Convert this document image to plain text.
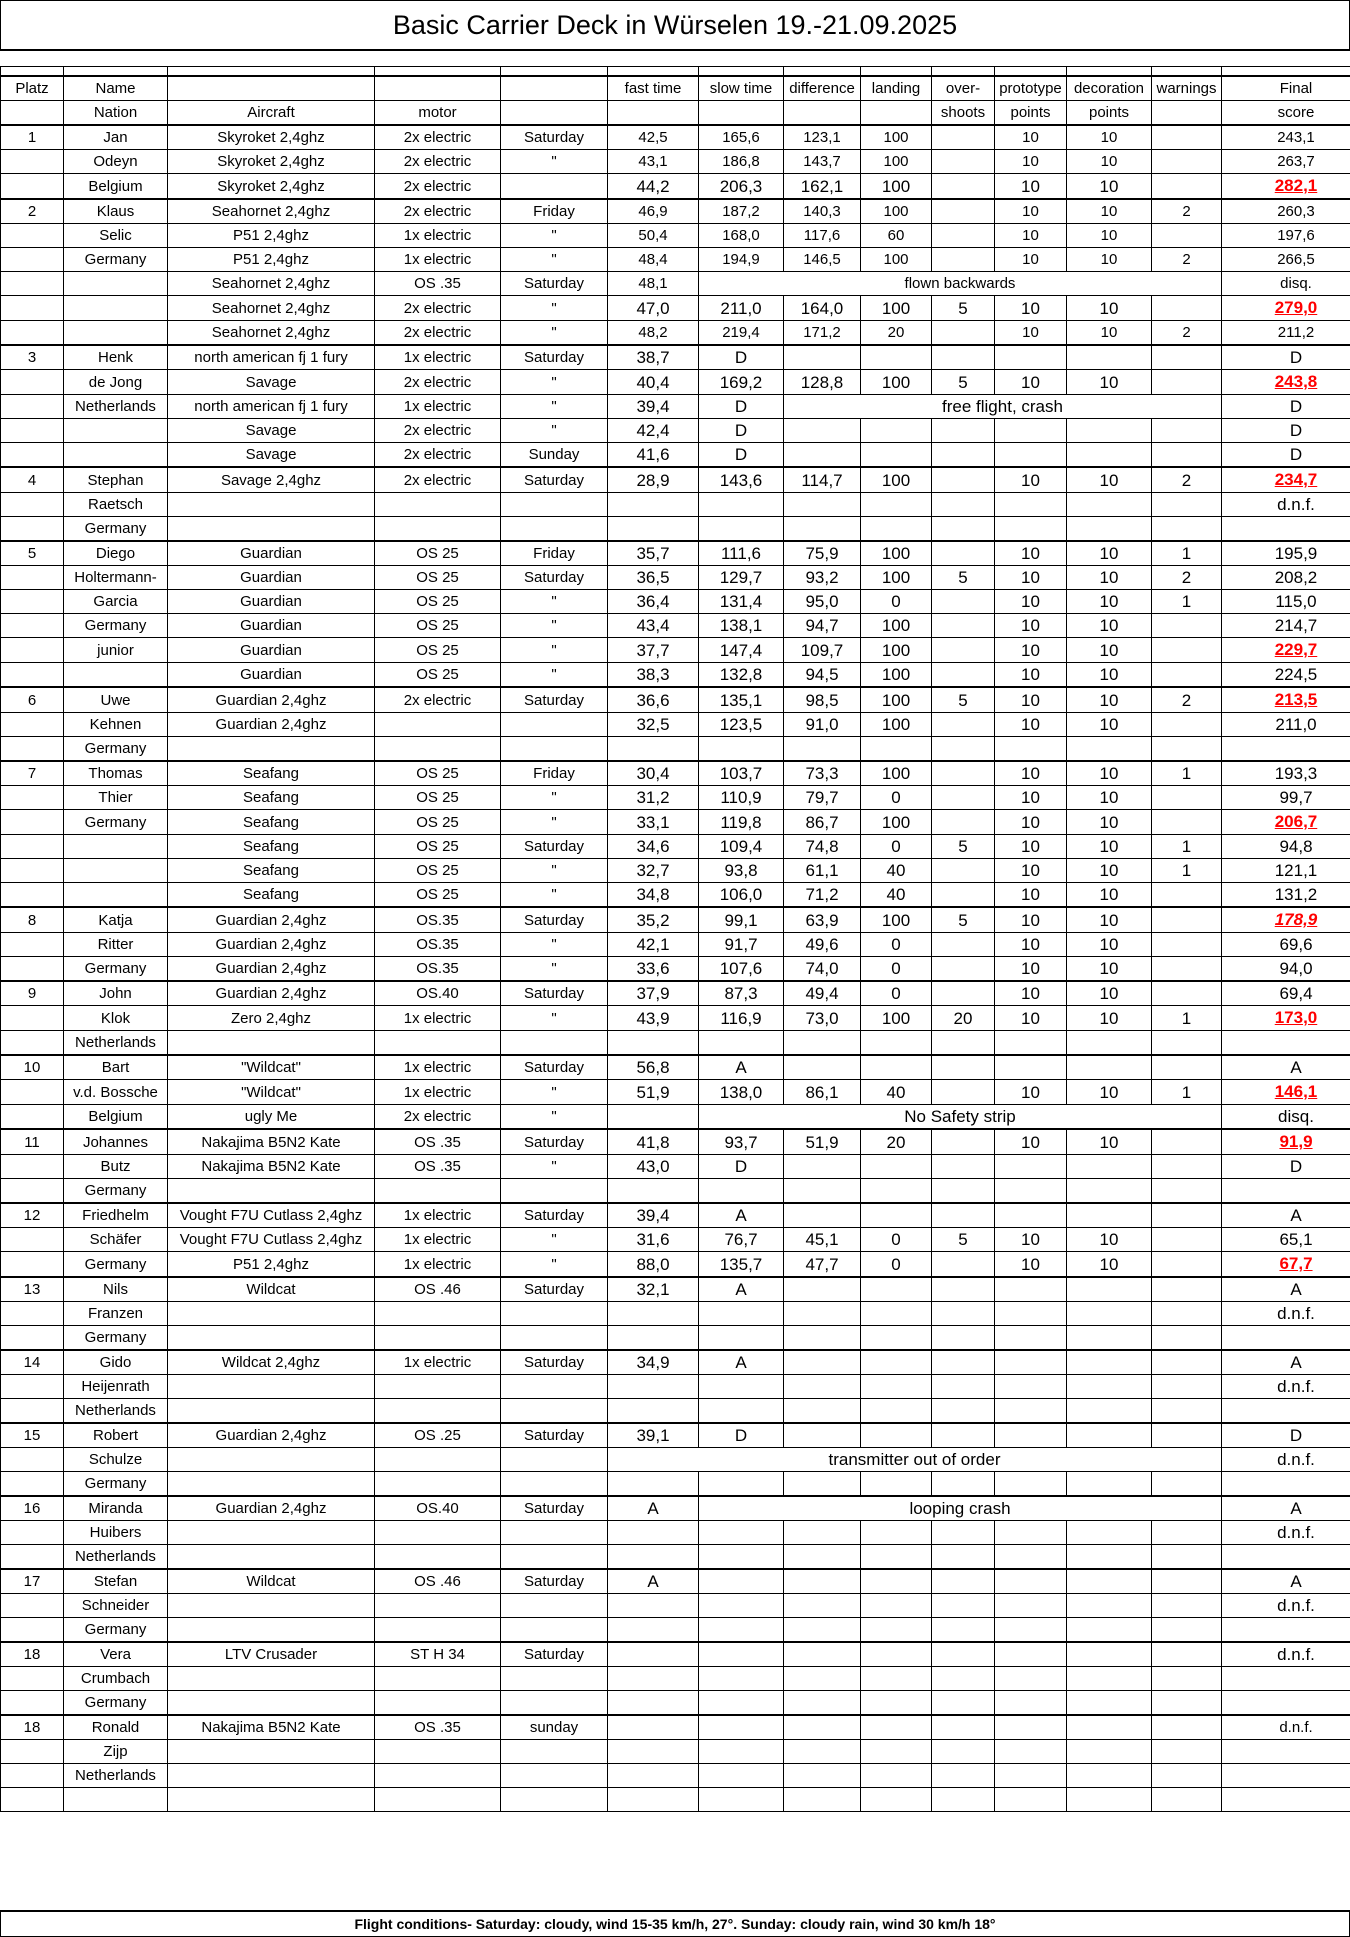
Basic Carrier Deck in Würselen 19.-21.09.2025

Platz	Name				fast time	slow time	difference	landing	over-	prototype	decoration	warnings	Final
	Nation	Aircraft	motor						shoots	points	points		score
1	Jan	Skyroket 2,4ghz	2x electric	Saturday	42,5	165,6	123,1	100		10	10		243,1
	Odeyn	Skyroket 2,4ghz	2x electric	"	43,1	186,8	143,7	100		10	10		263,7
	Belgium	Skyroket 2,4ghz	2x electric		44,2	206,3	162,1	100		10	10		282,1
2	Klaus	Seahornet 2,4ghz	2x electric	Friday	46,9	187,2	140,3	100		10	10	2	260,3
	Selic	P51 2,4ghz	1x electric	"	50,4	168,0	117,6	60		10	10		197,6
	Germany	P51 2,4ghz	1x electric	"	48,4	194,9	146,5	100		10	10	2	266,5
		Seahornet 2,4ghz	OS .35	Saturday	48,1	flown backwards							disq.
		Seahornet 2,4ghz	2x electric	"	47,0	211,0	164,0	100	5	10	10		279,0
		Seahornet 2,4ghz	2x electric	"	48,2	219,4	171,2	20		10	10	2	211,2
3	Henk	north american fj 1 fury	1x electric	Saturday	38,7	D							D
	de Jong	Savage	2x electric	"	40,4	169,2	128,8	100	5	10	10		243,8
	Netherlands	north american fj 1 fury	1x electric	"	39,4	D	free flight, crash						D
		Savage	2x electric	"	42,4	D							D
		Savage	2x electric	Sunday	41,6	D							D
4	Stephan	Savage 2,4ghz	2x electric	Saturday	28,9	143,6	114,7	100		10	10	2	234,7
	Raetsch												d.n.f.
	Germany												
5	Diego	Guardian	OS 25	Friday	35,7	111,6	75,9	100		10	10	1	195,9
	Holtermann-	Guardian	OS 25	Saturday	36,5	129,7	93,2	100	5	10	10	2	208,2
	Garcia	Guardian	OS 25	"	36,4	131,4	95,0	0		10	10	1	115,0
	Germany	Guardian	OS 25	"	43,4	138,1	94,7	100		10	10		214,7
	junior	Guardian	OS 25	"	37,7	147,4	109,7	100		10	10		229,7
		Guardian	OS 25	"	38,3	132,8	94,5	100		10	10		224,5
6	Uwe	Guardian 2,4ghz	2x electric	Saturday	36,6	135,1	98,5	100	5	10	10	2	213,5
	Kehnen	Guardian 2,4ghz			32,5	123,5	91,0	100		10	10		211,0
	Germany												
7	Thomas	Seafang	OS 25	Friday	30,4	103,7	73,3	100		10	10	1	193,3
	Thier	Seafang	OS 25	"	31,2	110,9	79,7	0		10	10		99,7
	Germany	Seafang	OS 25	"	33,1	119,8	86,7	100		10	10		206,7
		Seafang	OS 25	Saturday	34,6	109,4	74,8	0	5	10	10	1	94,8
		Seafang	OS 25	"	32,7	93,8	61,1	40		10	10	1	121,1
		Seafang	OS 25	"	34,8	106,0	71,2	40		10	10		131,2
8	Katja	Guardian 2,4ghz	OS.35	Saturday	35,2	99,1	63,9	100	5	10	10		178,9
	Ritter	Guardian 2,4ghz	OS.35	"	42,1	91,7	49,6	0		10	10		69,6
	Germany	Guardian 2,4ghz	OS.35	"	33,6	107,6	74,0	0		10	10		94,0
9	John	Guardian 2,4ghz	OS.40	Saturday	37,9	87,3	49,4	0		10	10		69,4
	Klok	Zero 2,4ghz	1x electric	"	43,9	116,9	73,0	100	20	10	10	1	173,0
	Netherlands												
10	Bart	"Wildcat"	1x electric	Saturday	56,8	A							A
	v.d. Bossche	"Wildcat"	1x electric	"	51,9	138,0	86,1	40		10	10	1	146,1
	Belgium	ugly Me	2x electric	"		No Safety strip							disq.
11	Johannes	Nakajima B5N2 Kate	OS .35	Saturday	41,8	93,7	51,9	20		10	10		91,9
	Butz	Nakajima B5N2 Kate	OS .35	"	43,0	D							D
	Germany												
12	Friedhelm	Vought F7U Cutlass 2,4ghz	1x electric	Saturday	39,4	A							A
	Schäfer	Vought F7U Cutlass 2,4ghz	1x electric	"	31,6	76,7	45,1	0	5	10	10		65,1
	Germany	P51 2,4ghz	1x electric	"	88,0	135,7	47,7	0		10	10		67,7
13	Nils	Wildcat	OS .46	Saturday	32,1	A							A
	Franzen												d.n.f.
	Germany												
14	Gido	Wildcat 2,4ghz	1x electric	Saturday	34,9	A							A
	Heijenrath												d.n.f.
	Netherlands												
15	Robert	Guardian 2,4ghz	OS .25	Saturday	39,1	D							D
	Schulze				transmitter out of order								d.n.f.
	Germany												
16	Miranda	Guardian 2,4ghz	OS.40	Saturday	A	looping crash							A
	Huibers												d.n.f.
	Netherlands												
17	Stefan	Wildcat	OS .46	Saturday	A								A
	Schneider												d.n.f.
	Germany												
18	Vera	LTV Crusader	ST H 34	Saturday									d.n.f.
	Crumbach												
	Germany												
18	Ronald	Nakajima B5N2 Kate	OS .35	sunday									d.n.f.
	Zijp												
	Netherlands												

Flight conditions- Saturday: cloudy, wind 15-35 km/h, 27°. Sunday: cloudy rain, wind 30 km/h 18°
